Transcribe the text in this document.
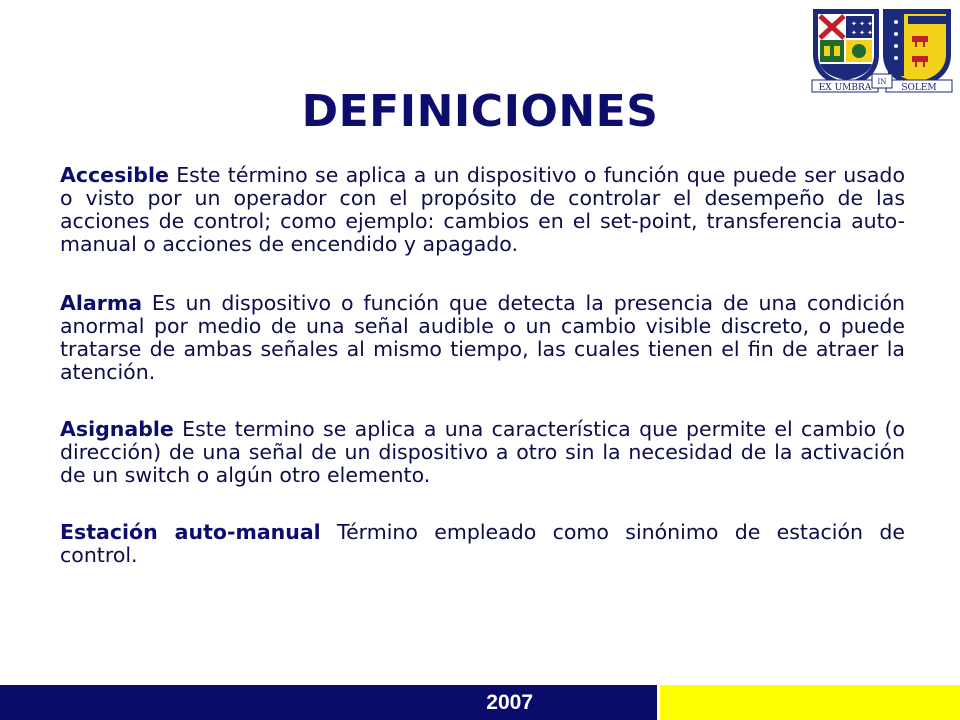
✦ ✦ ✦
✦ ✦ ✦
EX UMBRA
IN
SOLEM
DEFINICIONES

Accesible Este término se aplica a un dispositivo o función que puede ser usado o visto por un operador con el propósito de controlar el desempeño de las acciones de control; como ejemplo: cambios en el set-point, transferencia auto-manual o acciones de encendido y apagado.

Alarma Es un dispositivo o función que detecta la presencia de una condición anormal por medio de una señal audible o un cambio visible discreto, o puede tratarse de ambas señales al mismo tiempo, las cuales tienen el fin de atraer la atención.

Asignable Este termino se aplica a una característica que permite el cambio (o dirección) de una señal de un dispositivo a otro sin la necesidad de la activación de un switch o algún otro elemento.

Estación auto-manual Término empleado como sinónimo de estación de control.

2007
